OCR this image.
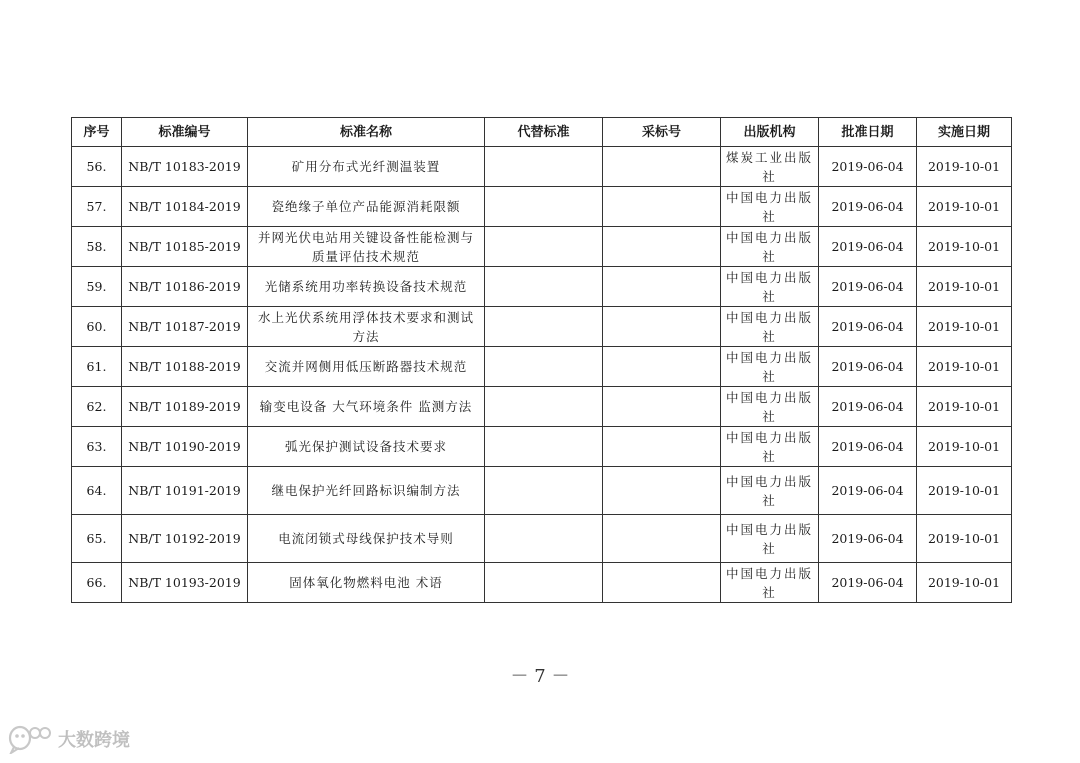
序号	标准编号	标准名称	代替标准	采标号	出版机构	批准日期	实施日期
56.	NB/T 10183-2019	矿用分布式光纤测温装置			煤炭工业出版社	2019-06-04	2019-10-01
57.	NB/T 10184-2019	瓷绝缘子单位产品能源消耗限额			中国电力出版社	2019-06-04	2019-10-01
58.	NB/T 10185-2019	并网光伏电站用关键设备性能检测与质量评估技术规范			中国电力出版社	2019-06-04	2019-10-01
59.	NB/T 10186-2019	光储系统用功率转换设备技术规范			中国电力出版社	2019-06-04	2019-10-01
60.	NB/T 10187-2019	水上光伏系统用浮体技术要求和测试方法			中国电力出版社	2019-06-04	2019-10-01
61.	NB/T 10188-2019	交流并网侧用低压断路器技术规范			中国电力出版社	2019-06-04	2019-10-01
62.	NB/T 10189-2019	输变电设备 大气环境条件 监测方法			中国电力出版社	2019-06-04	2019-10-01
63.	NB/T 10190-2019	弧光保护测试设备技术要求			中国电力出版社	2019-06-04	2019-10-01
64.	NB/T 10191-2019	继电保护光纤回路标识编制方法			中国电力出版社	2019-06-04	2019-10-01
65.	NB/T 10192-2019	电流闭锁式母线保护技术导则			中国电力出版社	2019-06-04	2019-10-01
66.	NB/T 10193-2019	固体氧化物燃料电池 术语			中国电力出版社	2019-06-04	2019-10-01
－ 7 －
大数跨境
